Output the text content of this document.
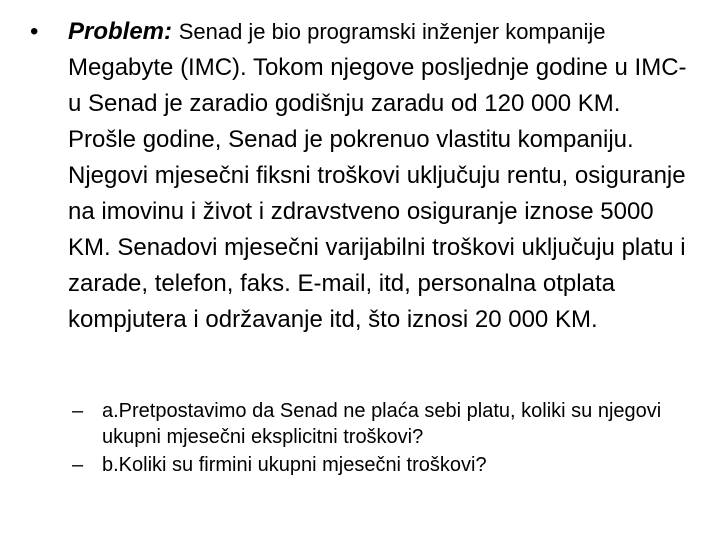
•	Problem: Senad je bio programski inženjer kompanije Megabyte (IMC). Tokom njegove posljednje godine u IMC-u Senad je zaradio godišnju zaradu od 120 000 KM. Prošle godine, Senad je pokrenuo vlastitu kompaniju. Njegovi mjesečni fiksni troškovi uključuju rentu, osiguranje na imovinu i život i zdravstveno osiguranje iznose 5000 KM. Senadovi mjesečni varijabilni troškovi uključuju platu i zarade, telefon, faks. E-mail, itd, personalna otplata kompjutera i održavanje itd, što iznosi 20 000 KM.
– a.Pretpostavimo da Senad ne plaća sebi platu, koliki su njegovi ukupni mjesečni eksplicitni troškovi?
– b.Koliki su firmini ukupni mjesečni troškovi?
